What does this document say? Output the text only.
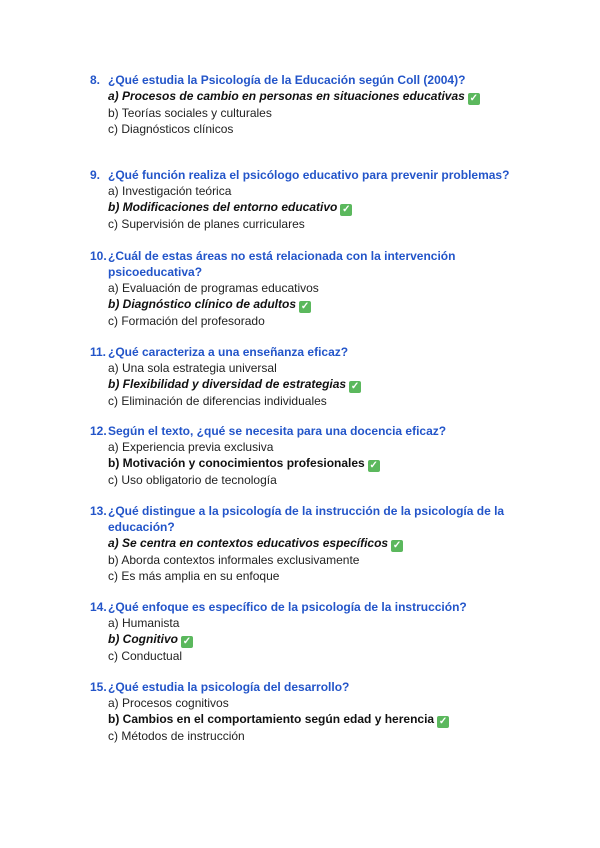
8. ¿Qué estudia la Psicología de la Educación según Coll (2004)?
a) Procesos de cambio en personas en situaciones educativas ✓
b) Teorías sociales y culturales
c) Diagnósticos clínicos
9. ¿Qué función realiza el psicólogo educativo para prevenir problemas?
a) Investigación teórica
b) Modificaciones del entorno educativo ✓
c) Supervisión de planes curriculares
10. ¿Cuál de estas áreas no está relacionada con la intervención psicoeducativa?
a) Evaluación de programas educativos
b) Diagnóstico clínico de adultos ✓
c) Formación del profesorado
11. ¿Qué caracteriza a una enseñanza eficaz?
a) Una sola estrategia universal
b) Flexibilidad y diversidad de estrategias ✓
c) Eliminación de diferencias individuales
12. Según el texto, ¿qué se necesita para una docencia eficaz?
a) Experiencia previa exclusiva
b) Motivación y conocimientos profesionales ✓
c) Uso obligatorio de tecnología
13. ¿Qué distingue a la psicología de la instrucción de la psicología de la educación?
a) Se centra en contextos educativos específicos ✓
b) Aborda contextos informales exclusivamente
c) Es más amplia en su enfoque
14. ¿Qué enfoque es específico de la psicología de la instrucción?
a) Humanista
b) Cognitivo ✓
c) Conductual
15. ¿Qué estudia la psicología del desarrollo?
a) Procesos cognitivos
b) Cambios en el comportamiento según edad y herencia ✓
c) Métodos de instrucción
